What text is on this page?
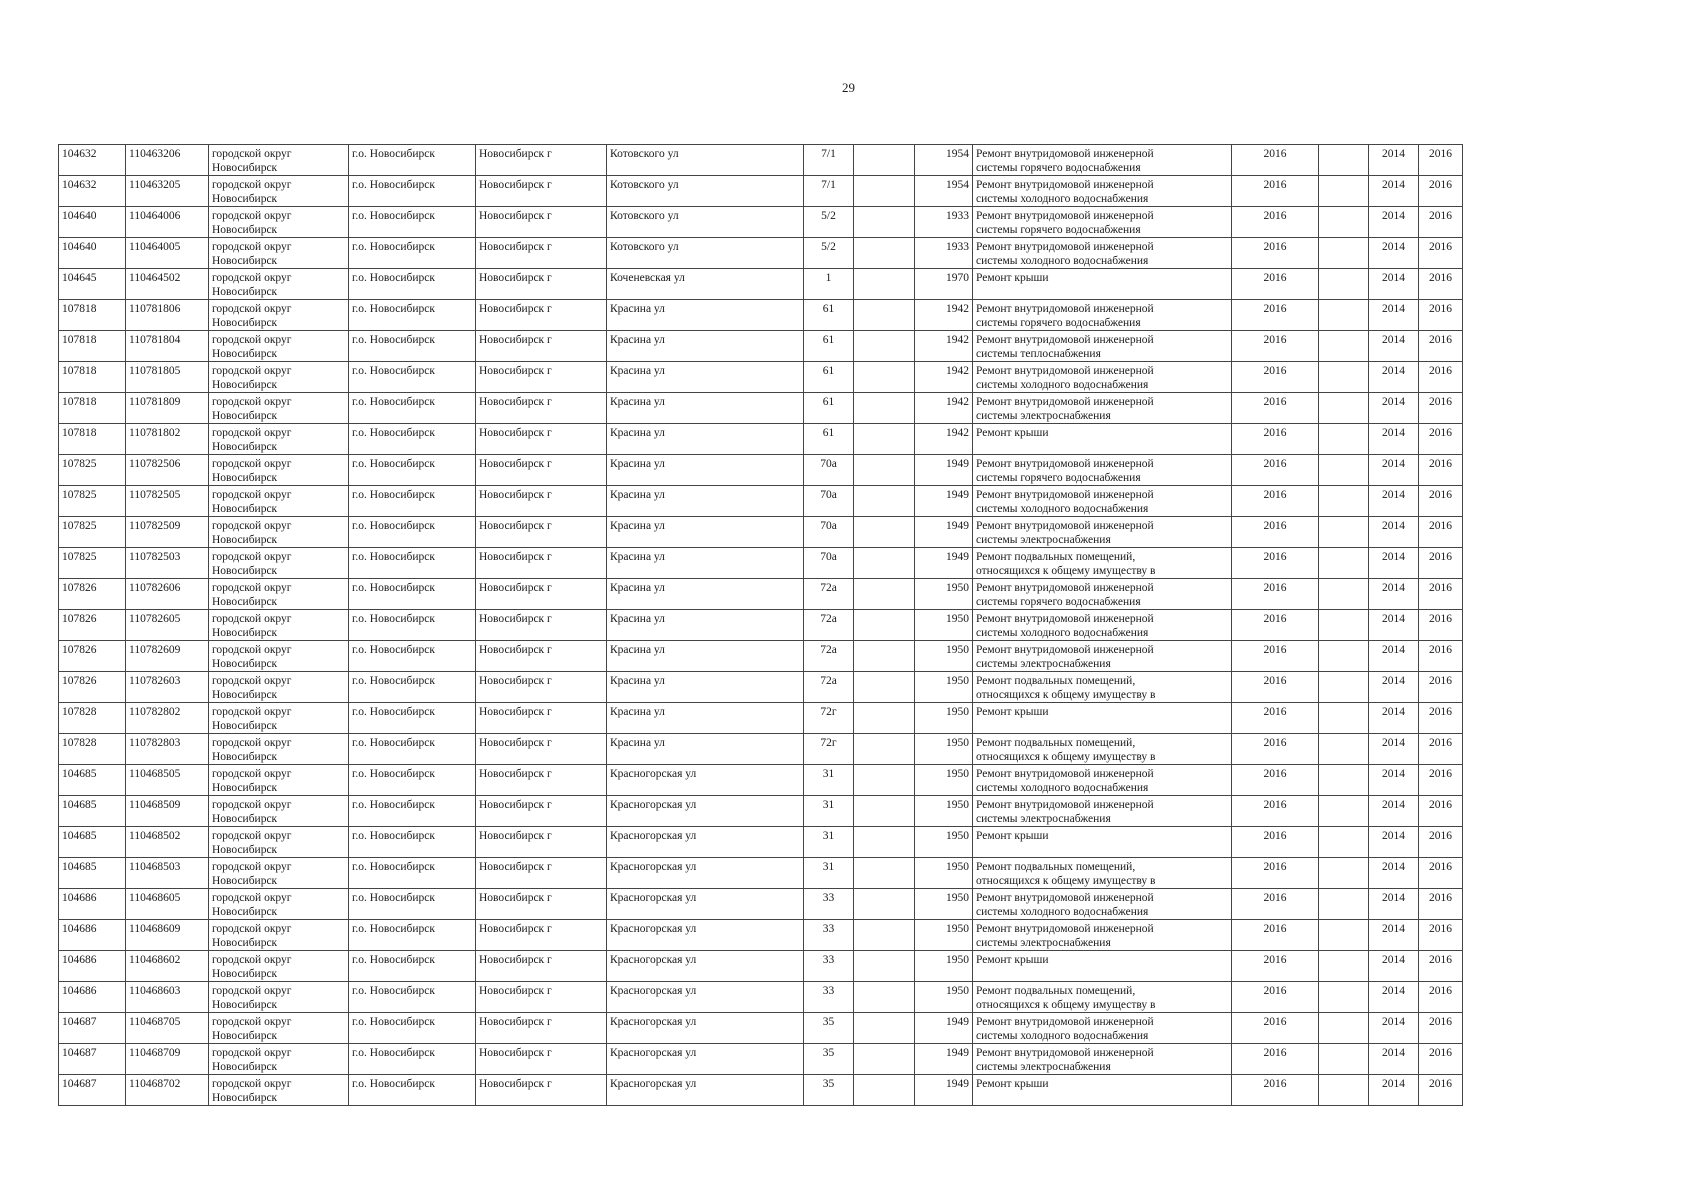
29
104632	110463206	городской округ Новосибирск	г.о. Новосибирск	Новосибирск г	Котовского ул	7/1		1954	Ремонт внутридомовой инженерной
системы горячего водоснабжения	2016		2014	2016
104632	110463205	городской округ Новосибирск	г.о. Новосибирск	Новосибирск г	Котовского ул	7/1		1954	Ремонт внутридомовой инженерной
системы холодного водоснабжения	2016		2014	2016
104640	110464006	городской округ Новосибирск	г.о. Новосибирск	Новосибирск г	Котовского ул	5/2		1933	Ремонт внутридомовой инженерной
системы горячего водоснабжения	2016		2014	2016
104640	110464005	городской округ Новосибирск	г.о. Новосибирск	Новосибирск г	Котовского ул	5/2		1933	Ремонт внутридомовой инженерной
системы холодного водоснабжения	2016		2014	2016
104645	110464502	городской округ Новосибирск	г.о. Новосибирск	Новосибирск г	Коченевская ул	1		1970	Ремонт крыши	2016		2014	2016
107818	110781806	городской округ Новосибирск	г.о. Новосибирск	Новосибирск г	Красина ул	61		1942	Ремонт внутридомовой инженерной
системы горячего водоснабжения	2016		2014	2016
107818	110781804	городской округ Новосибирск	г.о. Новосибирск	Новосибирск г	Красина ул	61		1942	Ремонт внутридомовой инженерной
системы теплоснабжения	2016		2014	2016
107818	110781805	городской округ Новосибирск	г.о. Новосибирск	Новосибирск г	Красина ул	61		1942	Ремонт внутридомовой инженерной
системы холодного водоснабжения	2016		2014	2016
107818	110781809	городской округ Новосибирск	г.о. Новосибирск	Новосибирск г	Красина ул	61		1942	Ремонт внутридомовой инженерной
системы электроснабжения	2016		2014	2016
107818	110781802	городской округ Новосибирск	г.о. Новосибирск	Новосибирск г	Красина ул	61		1942	Ремонт крыши	2016		2014	2016
107825	110782506	городской округ Новосибирск	г.о. Новосибирск	Новосибирск г	Красина ул	70а		1949	Ремонт внутридомовой инженерной
системы горячего водоснабжения	2016		2014	2016
107825	110782505	городской округ Новосибирск	г.о. Новосибирск	Новосибирск г	Красина ул	70а		1949	Ремонт внутридомовой инженерной
системы холодного водоснабжения	2016		2014	2016
107825	110782509	городской округ Новосибирск	г.о. Новосибирск	Новосибирск г	Красина ул	70а		1949	Ремонт внутридомовой инженерной
системы электроснабжения	2016		2014	2016
107825	110782503	городской округ Новосибирск	г.о. Новосибирск	Новосибирск г	Красина ул	70а		1949	Ремонт подвальных помещений,
относящихся к общему имуществу в	2016		2014	2016
107826	110782606	городской округ Новосибирск	г.о. Новосибирск	Новосибирск г	Красина ул	72а		1950	Ремонт внутридомовой инженерной
системы горячего водоснабжения	2016		2014	2016
107826	110782605	городской округ Новосибирск	г.о. Новосибирск	Новосибирск г	Красина ул	72а		1950	Ремонт внутридомовой инженерной
системы холодного водоснабжения	2016		2014	2016
107826	110782609	городской округ Новосибирск	г.о. Новосибирск	Новосибирск г	Красина ул	72а		1950	Ремонт внутридомовой инженерной
системы электроснабжения	2016		2014	2016
107826	110782603	городской округ Новосибирск	г.о. Новосибирск	Новосибирск г	Красина ул	72а		1950	Ремонт подвальных помещений,
относящихся к общему имуществу в	2016		2014	2016
107828	110782802	городской округ Новосибирск	г.о. Новосибирск	Новосибирск г	Красина ул	72г		1950	Ремонт крыши	2016		2014	2016
107828	110782803	городской округ Новосибирск	г.о. Новосибирск	Новосибирск г	Красина ул	72г		1950	Ремонт подвальных помещений,
относящихся к общему имуществу в	2016		2014	2016
104685	110468505	городской округ Новосибирск	г.о. Новосибирск	Новосибирск г	Красногорская ул	31		1950	Ремонт внутридомовой инженерной
системы холодного водоснабжения	2016		2014	2016
104685	110468509	городской округ Новосибирск	г.о. Новосибирск	Новосибирск г	Красногорская ул	31		1950	Ремонт внутридомовой инженерной
системы электроснабжения	2016		2014	2016
104685	110468502	городской округ Новосибирск	г.о. Новосибирск	Новосибирск г	Красногорская ул	31		1950	Ремонт крыши	2016		2014	2016
104685	110468503	городской округ Новосибирск	г.о. Новосибирск	Новосибирск г	Красногорская ул	31		1950	Ремонт подвальных помещений,
относящихся к общему имуществу в	2016		2014	2016
104686	110468605	городской округ Новосибирск	г.о. Новосибирск	Новосибирск г	Красногорская ул	33		1950	Ремонт внутридомовой инженерной
системы холодного водоснабжения	2016		2014	2016
104686	110468609	городской округ Новосибирск	г.о. Новосибирск	Новосибирск г	Красногорская ул	33		1950	Ремонт внутридомовой инженерной
системы электроснабжения	2016		2014	2016
104686	110468602	городской округ Новосибирск	г.о. Новосибирск	Новосибирск г	Красногорская ул	33		1950	Ремонт крыши	2016		2014	2016
104686	110468603	городской округ Новосибирск	г.о. Новосибирск	Новосибирск г	Красногорская ул	33		1950	Ремонт подвальных помещений,
относящихся к общему имуществу в	2016		2014	2016
104687	110468705	городской округ Новосибирск	г.о. Новосибирск	Новосибирск г	Красногорская ул	35		1949	Ремонт внутридомовой инженерной
системы холодного водоснабжения	2016		2014	2016
104687	110468709	городской округ Новосибирск	г.о. Новосибирск	Новосибирск г	Красногорская ул	35		1949	Ремонт внутридомовой инженерной
системы электроснабжения	2016		2014	2016
104687	110468702	городской округ Новосибирск	г.о. Новосибирск	Новосибирск г	Красногорская ул	35		1949	Ремонт крыши	2016		2014	2016
